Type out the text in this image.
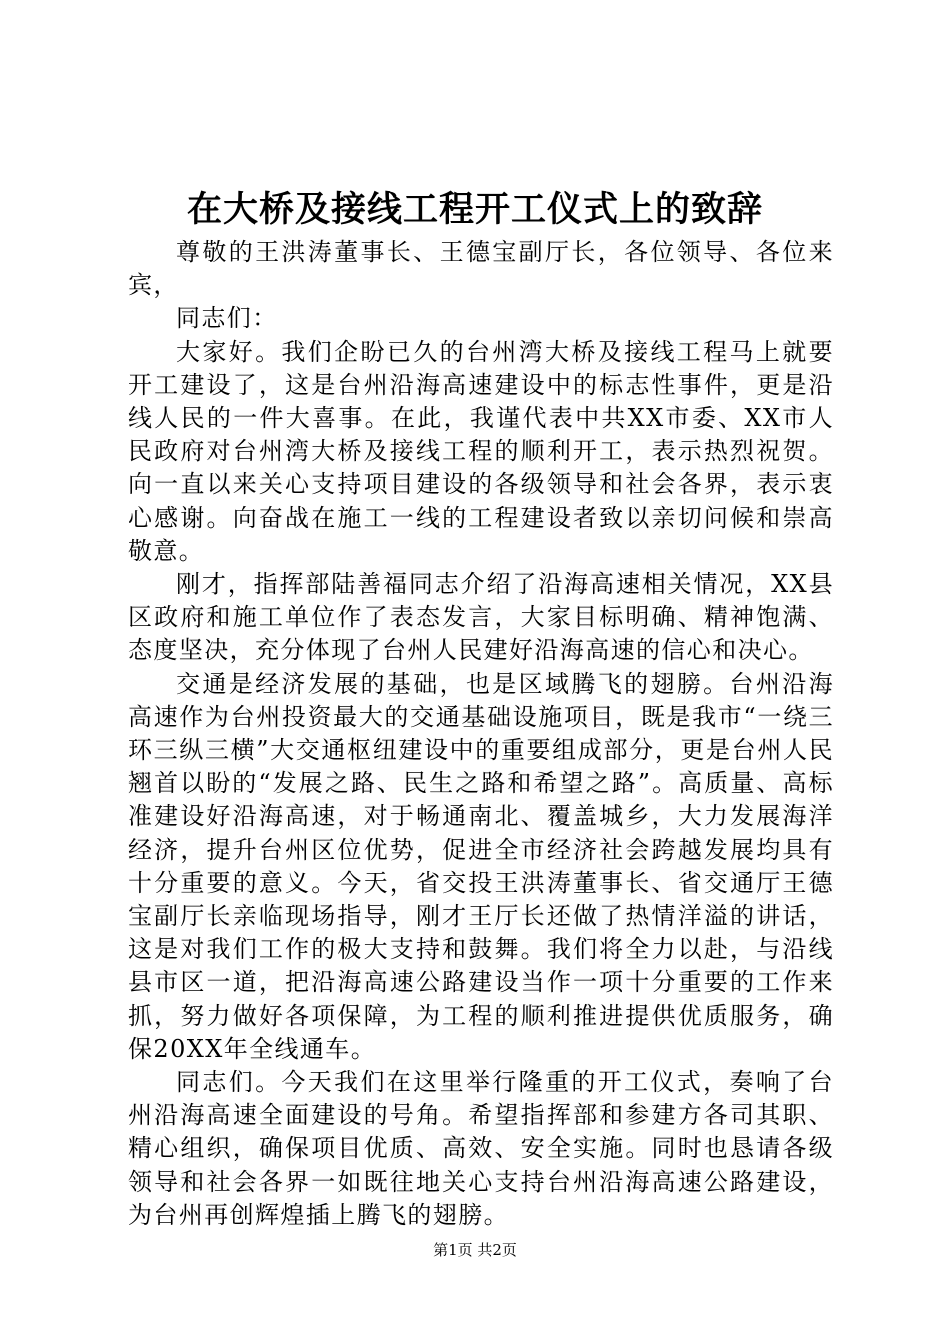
在大桥及接线工程开工仪式上的致辞

尊敬的王洪涛董事长、王德宝副厅长，各位领导、各位来宾，

同志们：

大家好。我们企盼已久的台州湾大桥及接线工程马上就要开工建设了，这是台州沿海高速建设中的标志性事件，更是沿线人民的一件大喜事。在此，我谨代表中共XX市委、XX市人民政府对台州湾大桥及接线工程的顺利开工，表示热烈祝贺。向一直以来关心支持项目建设的各级领导和社会各界，表示衷心感谢。向奋战在施工一线的工程建设者致以亲切问候和崇高敬意。

刚才，指挥部陆善福同志介绍了沿海高速相关情况，XX县区政府和施工单位作了表态发言，大家目标明确、精神饱满、态度坚决，充分体现了台州人民建好沿海高速的信心和决心。

交通是经济发展的基础，也是区域腾飞的翅膀。台州沿海高速作为台州投资最大的交通基础设施项目，既是我市“一绕三环三纵三横”大交通枢纽建设中的重要组成部分，更是台州人民翘首以盼的“发展之路、民生之路和希望之路”。高质量、高标准建设好沿海高速，对于畅通南北、覆盖城乡，大力发展海洋经济，提升台州区位优势，促进全市经济社会跨越发展均具有十分重要的意义。今天，省交投王洪涛董事长、省交通厅王德宝副厅长亲临现场指导，刚才王厅长还做了热情洋溢的讲话，这是对我们工作的极大支持和鼓舞。我们将全力以赴，与沿线县市区一道，把沿海高速公路建设当作一项十分重要的工作来抓，努力做好各项保障，为工程的顺利推进提供优质服务，确保20XX年全线通车。

同志们。今天我们在这里举行隆重的开工仪式，奏响了台州沿海高速全面建设的号角。希望指挥部和参建方各司其职、精心组织，确保项目优质、高效、安全实施。同时也恳请各级领导和社会各界一如既往地关心支持台州沿海高速公路建设，为台州再创辉煌插上腾飞的翅膀。

第1页 共2页
